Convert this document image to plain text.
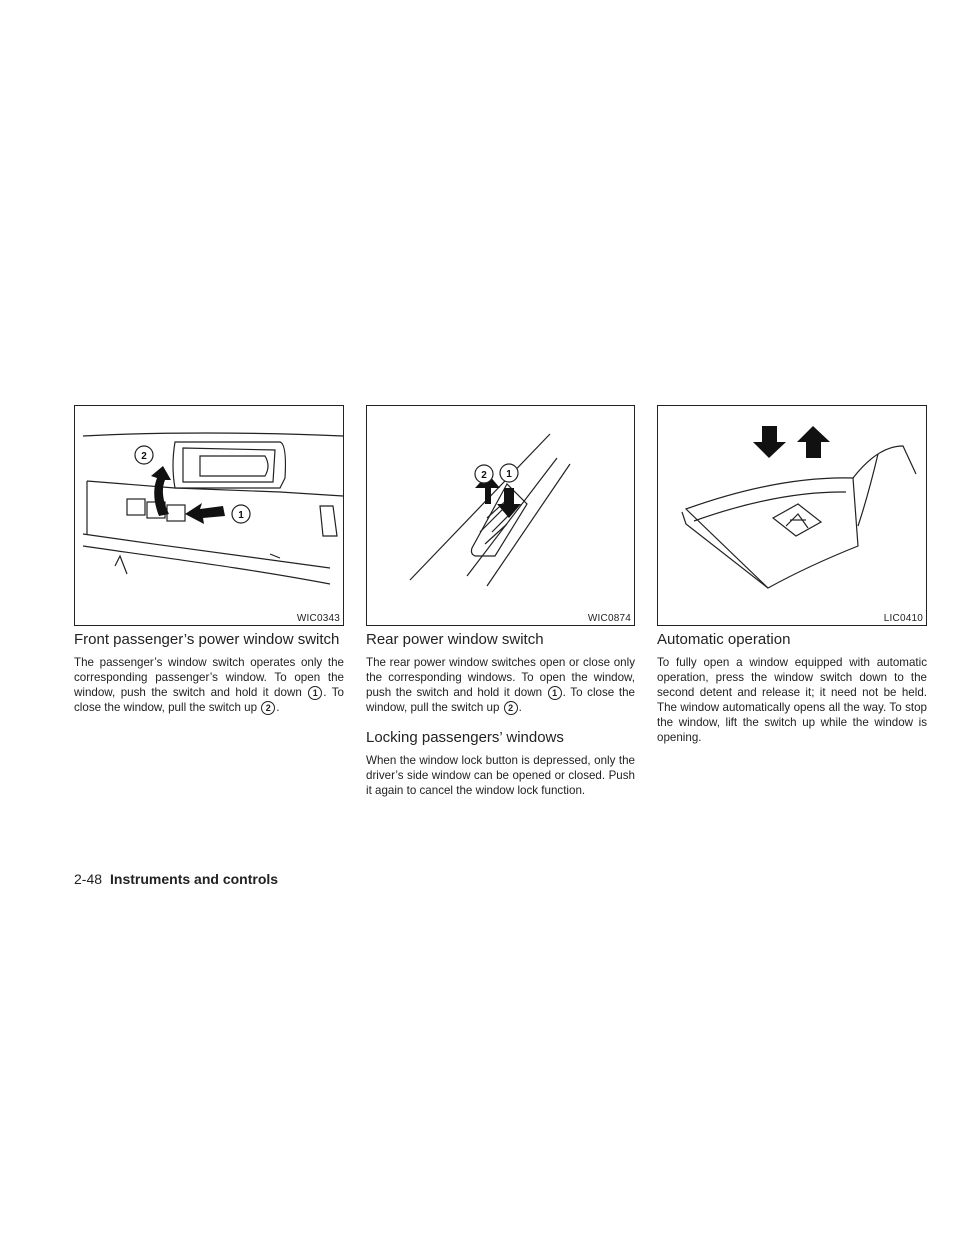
2
1
WIC0343
2 1
WIC0874	LIC0410
Front passenger’s power window switch

The passenger’s window switch operates only the corresponding passenger’s window. To open the window, push the switch and hold it down 1 . To close the window, pull the switch up 2 .

Rear power window switch

The rear power window switches open or close only the corresponding windows. To open the window, push the switch and hold it down 1 . To close the window, pull the switch up 2 .

Locking passengers’ windows

When the window lock button is depressed, only the driver’s side window can be opened or closed. Push it again to cancel the window lock function.

Automatic operation

To fully open a window equipped with automatic operation, press the window switch down to the second detent and release it; it need not be held. The window automatically opens all the way. To stop the window, lift the switch up while the window is opening.

2-48 Instruments and controls
